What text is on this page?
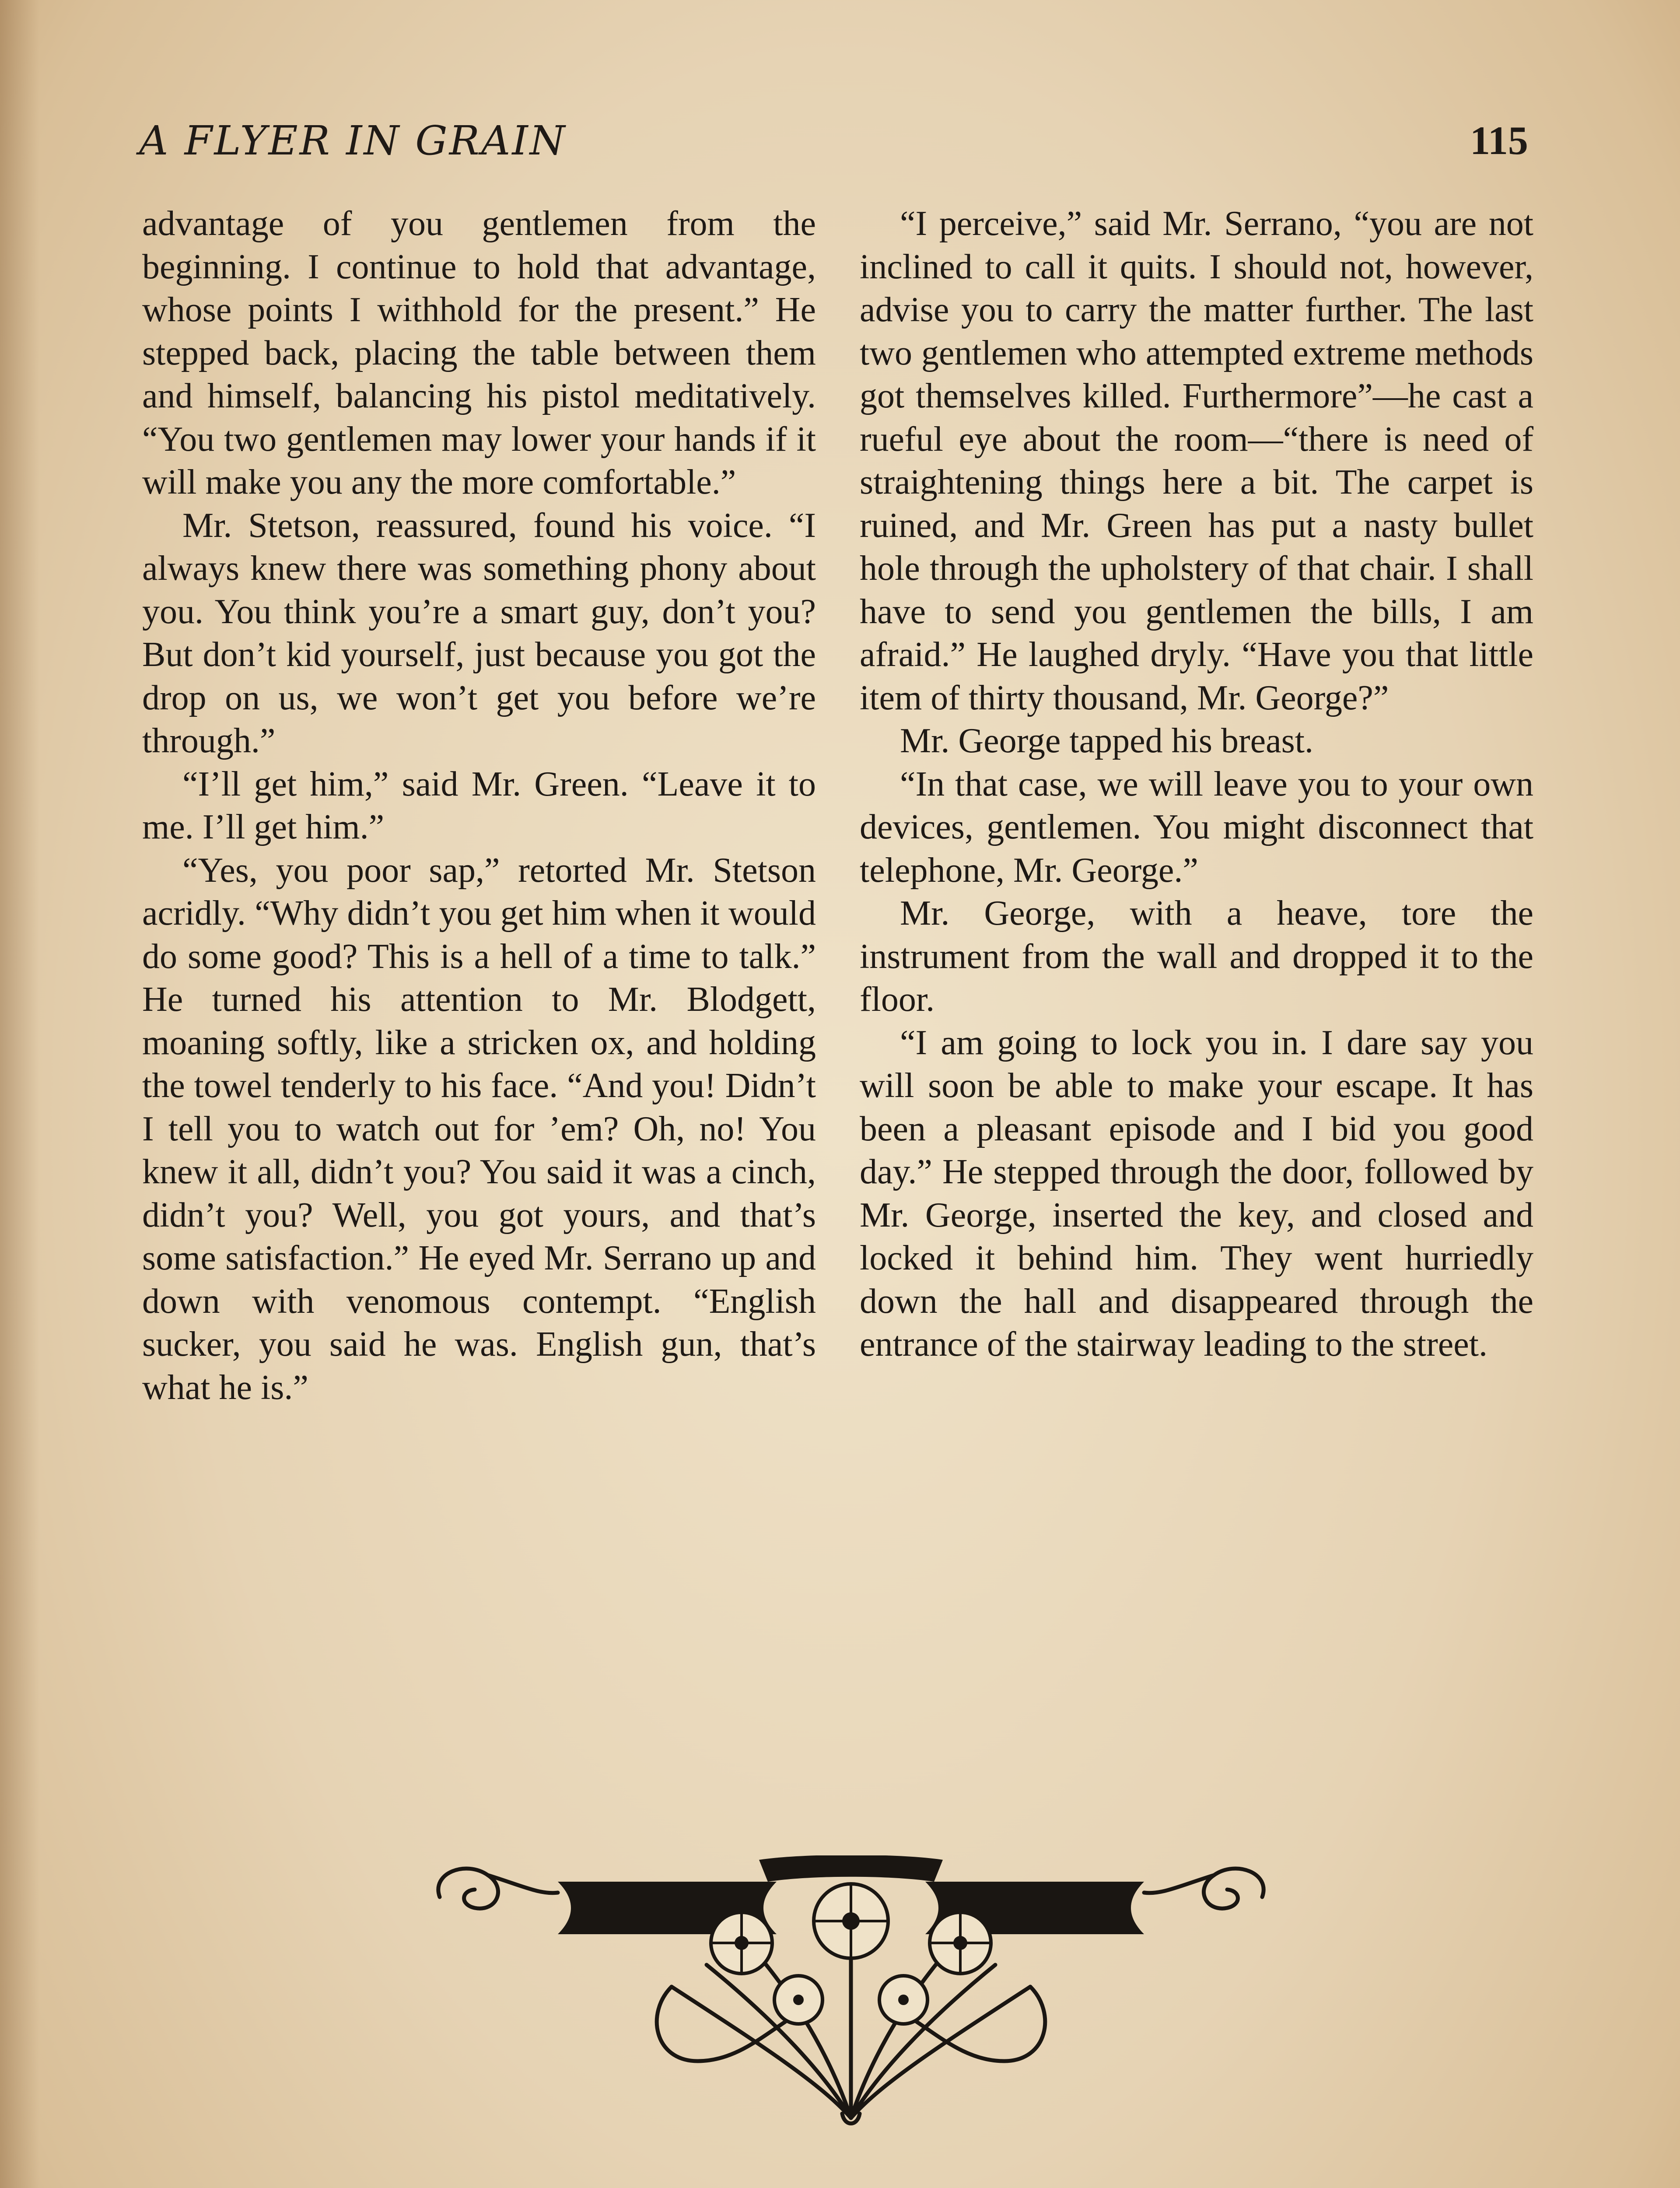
A FLYER IN GRAIN	115

advantage of you gentlemen from the beginning. I continue to hold that advantage, whose points I withhold for the present.” He stepped back, placing the table between them and himself, balancing his pistol meditatively. “You two gentlemen may lower your hands if it will make you any the more comfortable.”

Mr. Stetson, reassured, found his voice. “I always knew there was something phony about you. You think you’re a smart guy, don’t you? But don’t kid yourself, just because you got the drop on us, we won’t get you before we’re through.”

“I’ll get him,” said Mr. Green. “Leave it to me. I’ll get him.”

“Yes, you poor sap,” retorted Mr. Stetson acridly. “Why didn’t you get him when it would do some good? This is a hell of a time to talk.” He turned his attention to Mr. Blodgett, moaning softly, like a stricken ox, and holding the towel tenderly to his face. “And you! Didn’t I tell you to watch out for ’em? Oh, no! You knew it all, didn’t you? You said it was a cinch, didn’t you? Well, you got yours, and that’s some satisfaction.” He eyed Mr. Serrano up and down with venomous contempt. “English sucker, you said he was. English gun, that’s what he is.”

“I perceive,” said Mr. Serrano, “you are not inclined to call it quits. I should not, however, advise you to carry the matter further. The last two gentlemen who attempted extreme methods got themselves killed. Furthermore”—he cast a rueful eye about the room—“there is need of straightening things here a bit. The carpet is ruined, and Mr. Green has put a nasty bullet hole through the upholstery of that chair. I shall have to send you gentlemen the bills, I am afraid.” He laughed dryly. “Have you that little item of thirty thousand, Mr. George?”

Mr. George tapped his breast.

“In that case, we will leave you to your own devices, gentlemen. You might disconnect that telephone, Mr. George.”

Mr. George, with a heave, tore the instrument from the wall and dropped it to the floor.

“I am going to lock you in. I dare say you will soon be able to make your escape. It has been a pleasant episode and I bid you good day.” He stepped through the door, followed by Mr. George, inserted the key, and closed and locked it behind him. They went hurriedly down the hall and disappeared through the entrance of the stairway leading to the street.
